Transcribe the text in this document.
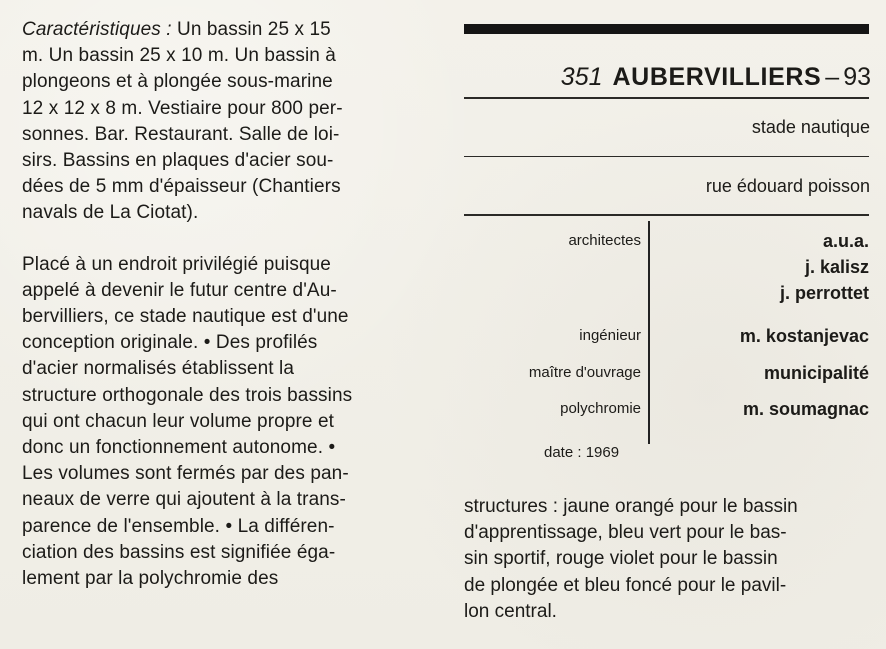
Caractéristiques : Un bassin 25 x 15
m. Un bassin 25 x 10 m. Un bassin à
plongeons et à plongée sous-marine
12 x 12 x 8 m. Vestiaire pour 800 per-
sonnes. Bar. Restaurant. Salle de loi-
sirs. Bassins en plaques d'acier sou-
dées de 5 mm d'épaisseur (Chantiers
navals de La Ciotat).
Placé à un endroit privilégié puisque
appelé à devenir le futur centre d'Au-
bervilliers, ce stade nautique est d'une
conception originale. • Des profilés
d'acier normalisés établissent la
structure orthogonale des trois bassins
qui ont chacun leur volume propre et
donc un fonctionnement autonome. •
Les volumes sont fermés par des pan-
neaux de verre qui ajoutent à la trans-
parence de l'ensemble. • La différen-
ciation des bassins est signifiée éga-
lement par la polychromie des
351 AUBERVILLIERS – 93
stade nautique
rue édouard poisson
architectes	a.u.a.
j. kalisz
j. perrottet
ingénieur	m. kostanjevac
maître d'ouvrage	municipalité
polychromie	m. soumagnac
date : 1969
structures : jaune orangé pour le bassin
d'apprentissage, bleu vert pour le bas-
sin sportif, rouge violet pour le bassin
de plongée et bleu foncé pour le pavil-
lon central.
